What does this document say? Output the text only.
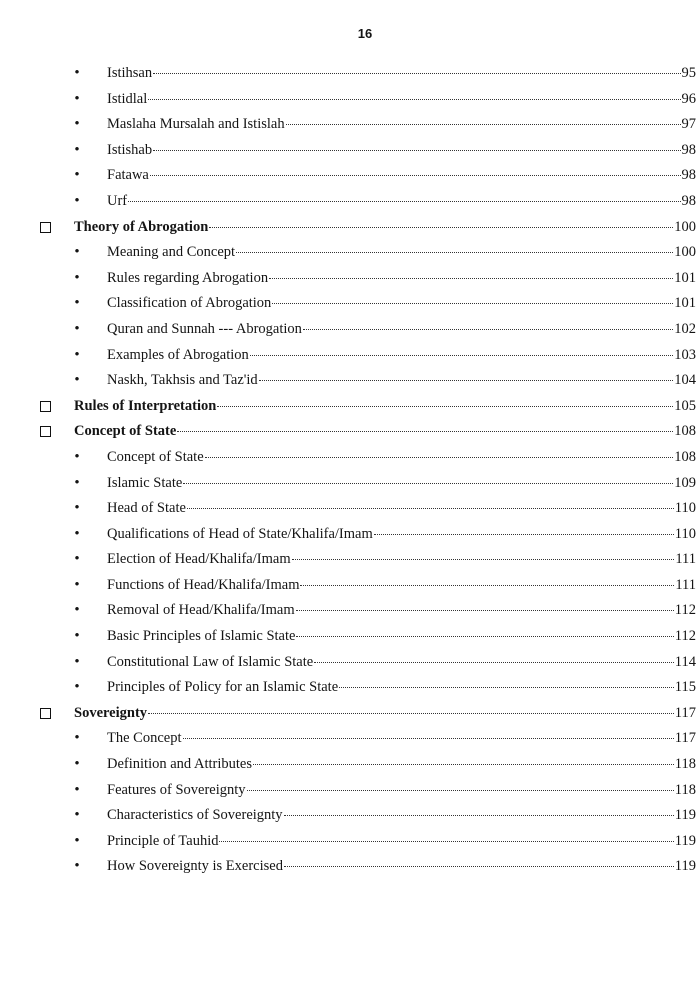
16
•	Istihsan	95
•	Istidlal	96
•	Maslaha Mursalah and Istislah	97
•	Istishab	98
•	Fatawa	98
•	Urf	98
Theory of Abrogation	100
•	Meaning and Concept	100
•	Rules regarding Abrogation	101
•	Classification of Abrogation	101
•	Quran and Sunnah --- Abrogation	102
•	Examples of Abrogation	103
•	Naskh, Takhsis and Taz'id	104
Rules of Interpretation	105
Concept of State	108
•	Concept of State	108
•	Islamic State	109
•	Head of State	110
•	Qualifications of Head of State/Khalifa/Imam	110
•	Election of Head/Khalifa/Imam	111
•	Functions of Head/Khalifa/Imam	111
•	Removal of Head/Khalifa/Imam	112
•	Basic Principles of Islamic State	112
•	Constitutional Law of Islamic State	114
•	Principles of Policy for an Islamic State	115
Sovereignty	117
•	The Concept	117
•	Definition and Attributes	118
•	Features of Sovereignty	118
•	Characteristics of Sovereignty	119
•	Principle of Tauhid	119
•	How Sovereignty is Exercised	119
